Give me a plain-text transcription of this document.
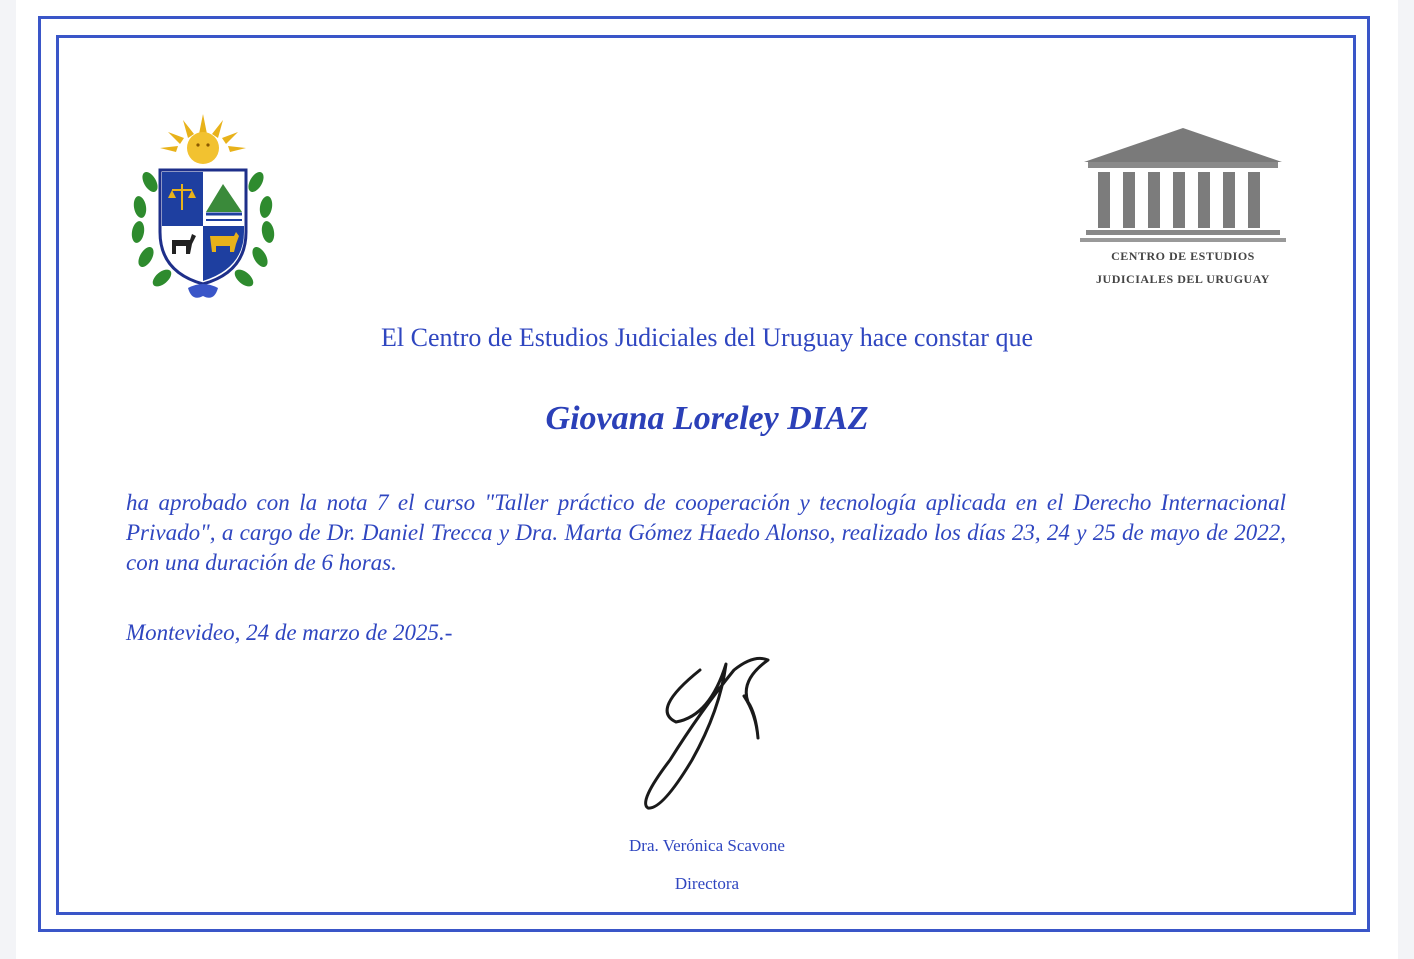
CENTRO DE ESTUDIOS
JUDICIALES DEL URUGUAY
El Centro de Estudios Judiciales del Uruguay hace constar que
Giovana Loreley DIAZ
ha aprobado con la nota 7 el curso "Taller práctico de cooperación y tecnología aplicada en el Derecho Internacional Privado", a cargo de Dr. Daniel Trecca y Dra. Marta Gómez Haedo Alonso, realizado los días 23, 24 y 25 de mayo de 2022, con una duración de 6 horas.
Montevideo, 24 de marzo de 2025.-
Dra. Verónica Scavone
Directora
